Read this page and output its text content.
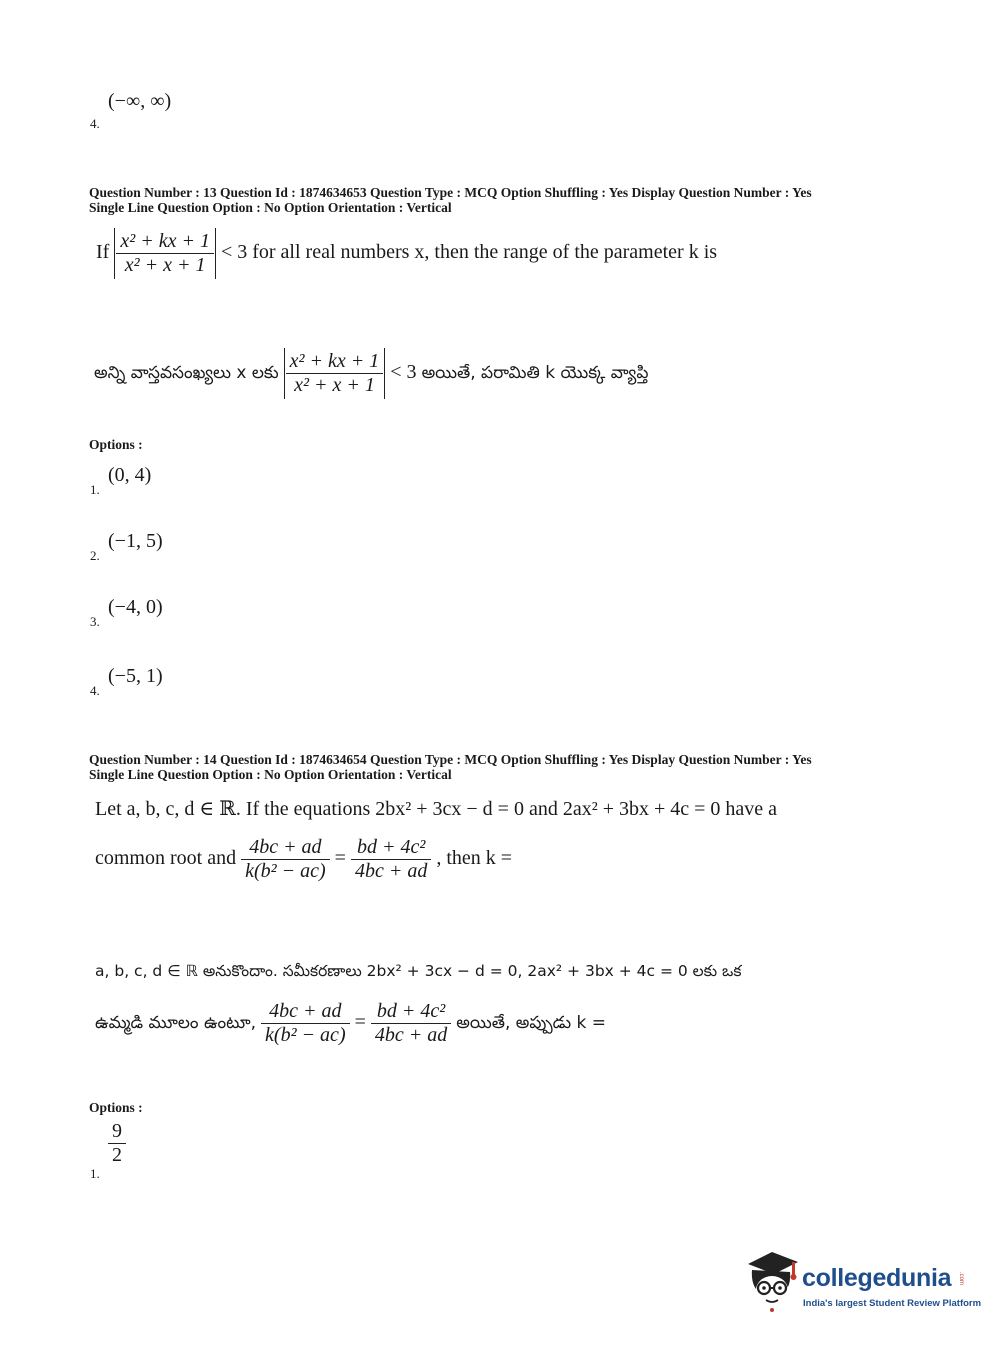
(−∞, ∞)
4.
Question Number : 13 Question Id : 1874634653 Question Type : MCQ Option Shuffling : Yes Display Question Number : Yes
Single Line Question Option : No Option Orientation : Vertical
If $\frac{\text{x² + kx + 1}}{\text{x² + x + 1}} < 3$ for all real numbers x, then the range of the parameter k is
అన్ని వాస్తవసంఖ్యలు x లకు $\frac{\text{x² + kx + 1}}{\text{x² + x + 1}} < 3$ అయితే, పరామితి k యొక్క వ్యాప్తి
Options :
(0, 4)
1.
(−1, 5)
2.
(−4, 0)
3.
(−5, 1)
4.
Question Number : 14 Question Id : 1874634654 Question Type : MCQ Option Shuffling : Yes Display Question Number : Yes
Single Line Question Option : No Option Orientation : Vertical
Let a, b, c, d ∈ ℝ. If the equations 2bx² + 3cx − d = 0 and 2ax² + 3bx + 4c = 0 have a
common root and $\frac{4bc + ad}{\text{k(b² − ac)}} = \frac{\text{bd + 4c²}}{4bc + ad}$ , then k =
a, b, c, d ∈ ℝ అనుకొందాం. సమీకరణాలు 2bx² + 3cx − d = 0, 2ax² + 3bx + 4c = 0 లకు ఒక
ఉమ్మడి మూలం ఉంటూ, $\frac{4bc + ad}{\text{k(b² − ac)}} = \frac{\text{bd + 4c²}}{4bc + ad}$ అయితే, అప్పుడు k =
Options :
$\frac{9}{2}$
1.
collegedunia .com
India's largest Student Review Platform
